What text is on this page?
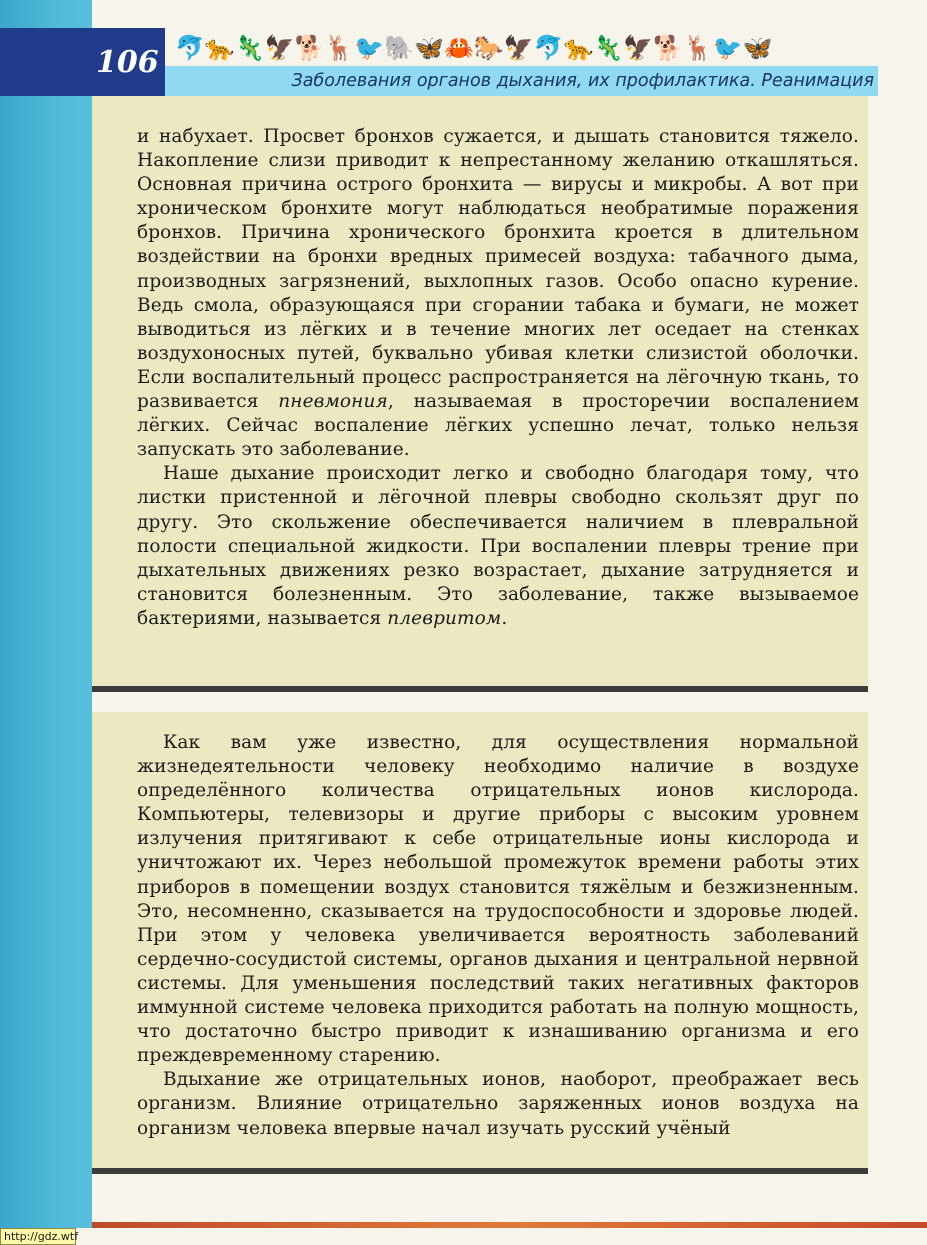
106 🐬🐆🦎🦅🐕🦌🐦🐘🦋🦀🐎🦅🐬🐆🦎🦅🐕🦌🐦🦋
Заболевания органов дыхания, их профилактика. Реанимация

и набухает. Просвет бронхов сужается, и дышать становится тяжело. Накопление слизи приводит к непрестанному желанию откашляться. Основная причина острого бронхита — вирусы и микробы. А вот при хроническом бронхите могут наблюдаться необратимые поражения бронхов. Причина хронического бронхита кроется в длительном воздействии на бронхи вредных примесей воздуха: табачного дыма, производных загрязнений, выхлопных газов. Особо опасно курение. Ведь смола, образующаяся при сгорании табака и бумаги, не может выводиться из лёгких и в течение многих лет оседает на стенках воздухоносных путей, буквально убивая клетки слизистой оболочки. Если воспалительный процесс распространяется на лёгочную ткань, то развивается пневмония, называемая в просторечии воспалением лёгких. Сейчас воспаление лёгких успешно лечат, только нельзя запускать это заболевание.

Наше дыхание происходит легко и свободно благодаря тому, что листки пристенной и лёгочной плевры свободно скользят друг по другу. Это скольжение обеспечивается наличием в плевральной полости специальной жидкости. При воспалении плевры трение при дыхательных движениях резко возрастает, дыхание затрудняется и становится болезненным. Это заболевание, также вызываемое бактериями, называется плевритом.

Как вам уже известно, для осуществления нормальной жизнедеятельности человеку необходимо наличие в воздухе определённого количества отрицательных ионов кислорода. Компьютеры, телевизоры и другие приборы с высоким уровнем излучения притягивают к себе отрицательные ионы кислорода и уничтожают их. Через небольшой промежуток времени работы этих приборов в помещении воздух становится тяжёлым и безжизненным. Это, несомненно, сказывается на трудоспособности и здоровье людей. При этом у человека увеличивается вероятность заболеваний сердечно-сосудистой системы, органов дыхания и центральной нервной системы. Для уменьшения последствий таких негативных факторов иммунной системе человека приходится работать на полную мощность, что достаточно быстро приводит к изнашиванию организма и его преждевременному старению.

Вдыхание же отрицательных ионов, наоборот, преображает весь организм. Влияние отрицательно заряженных ионов воздуха на организм человека впервые начал изучать русский учёный

http://gdz.wtf
